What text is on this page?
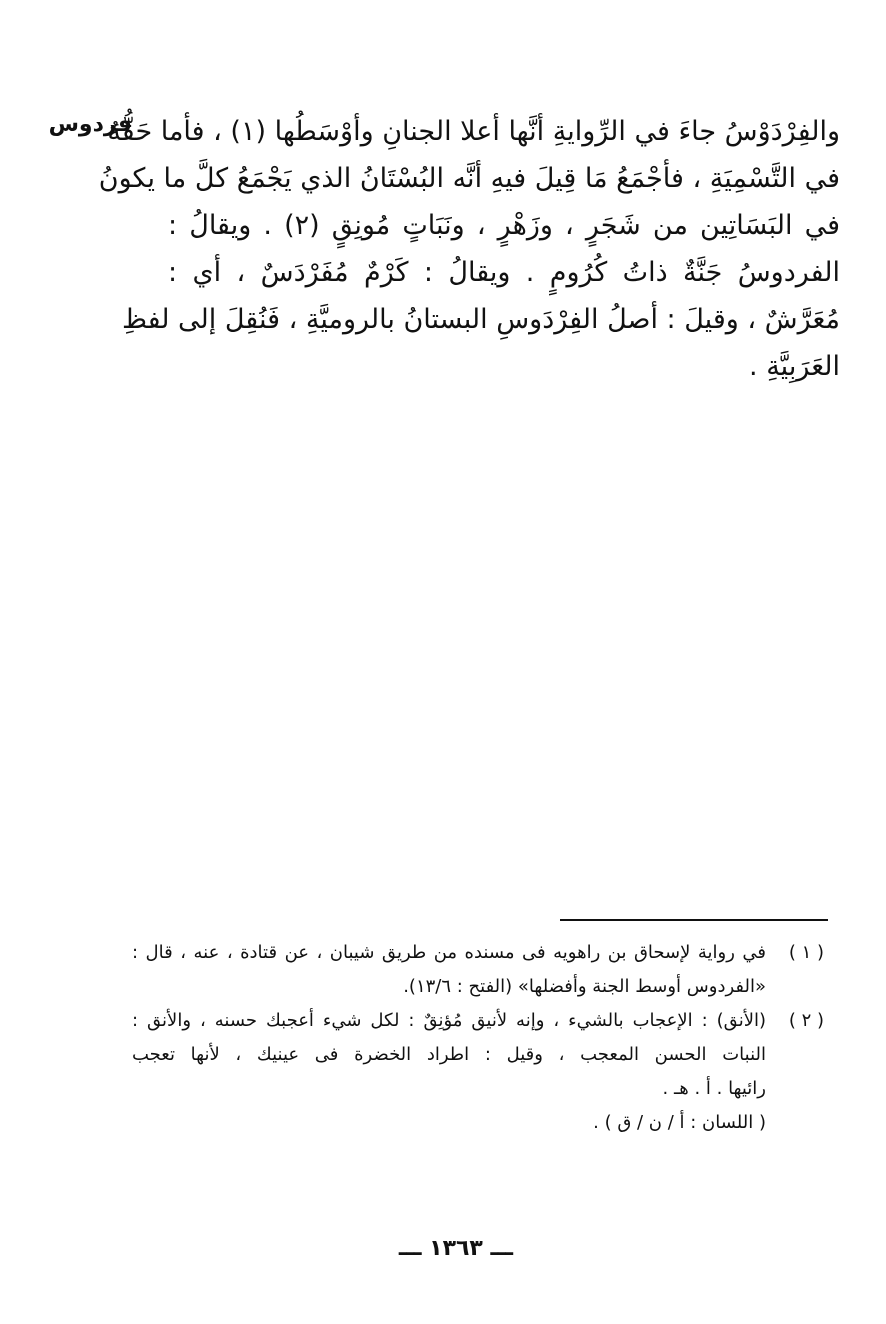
فردوس
والفِرْدَوْسُ جاءَ في الرِّوايةِ أنَّها أعلا الجنانِ وأوْسَطُها (١) ، فأما حَقُّهُ
في التَّسْمِيَةِ ، فأجْمَعُ مَا قِيلَ فيهِ أنَّه البُسْتَانُ الذي يَجْمَعُ كلَّ ما يكونُ
في البَسَاتِين من شَجَرٍ ، وزَهْرٍ ، ونَبَاتٍ مُونِقٍ (٢) . ويقالُ :
الفردوسُ جَنَّةٌ ذاتُ كُرُومٍ . ويقالُ : كَرْمٌ مُفَرْدَسٌ ، أي :
مُعَرَّشٌ ، وقيلَ : أصلُ الفِرْدَوسِ البستانُ بالروميَّةِ ، فَنُقِلَ إلى لفظِ
العَرَبِيَّةِ .
( ١ )
في رواية لإسحاق بن راهويه فى مسنده من طريق شيبان ، عن قتادة ، عنه ، قال :
«الفردوس أوسط الجنة وأفضلها» (الفتح : ١٣/٦).
( ٢ )
(الأنق) : الإعجاب بالشيء ، وإنه لأنيق مُؤنِقٌ : لكل شيء أعجبك حسنه ، والأنق :
النبات الحسن المعجب ، وقيل : اطراد الخضرة فى عينيك ، لأنها تعجب
رائيها . أ . هـ .
( اللسان : أ / ن / ق ) .
ـــ ١٣٦٣ ـــ
